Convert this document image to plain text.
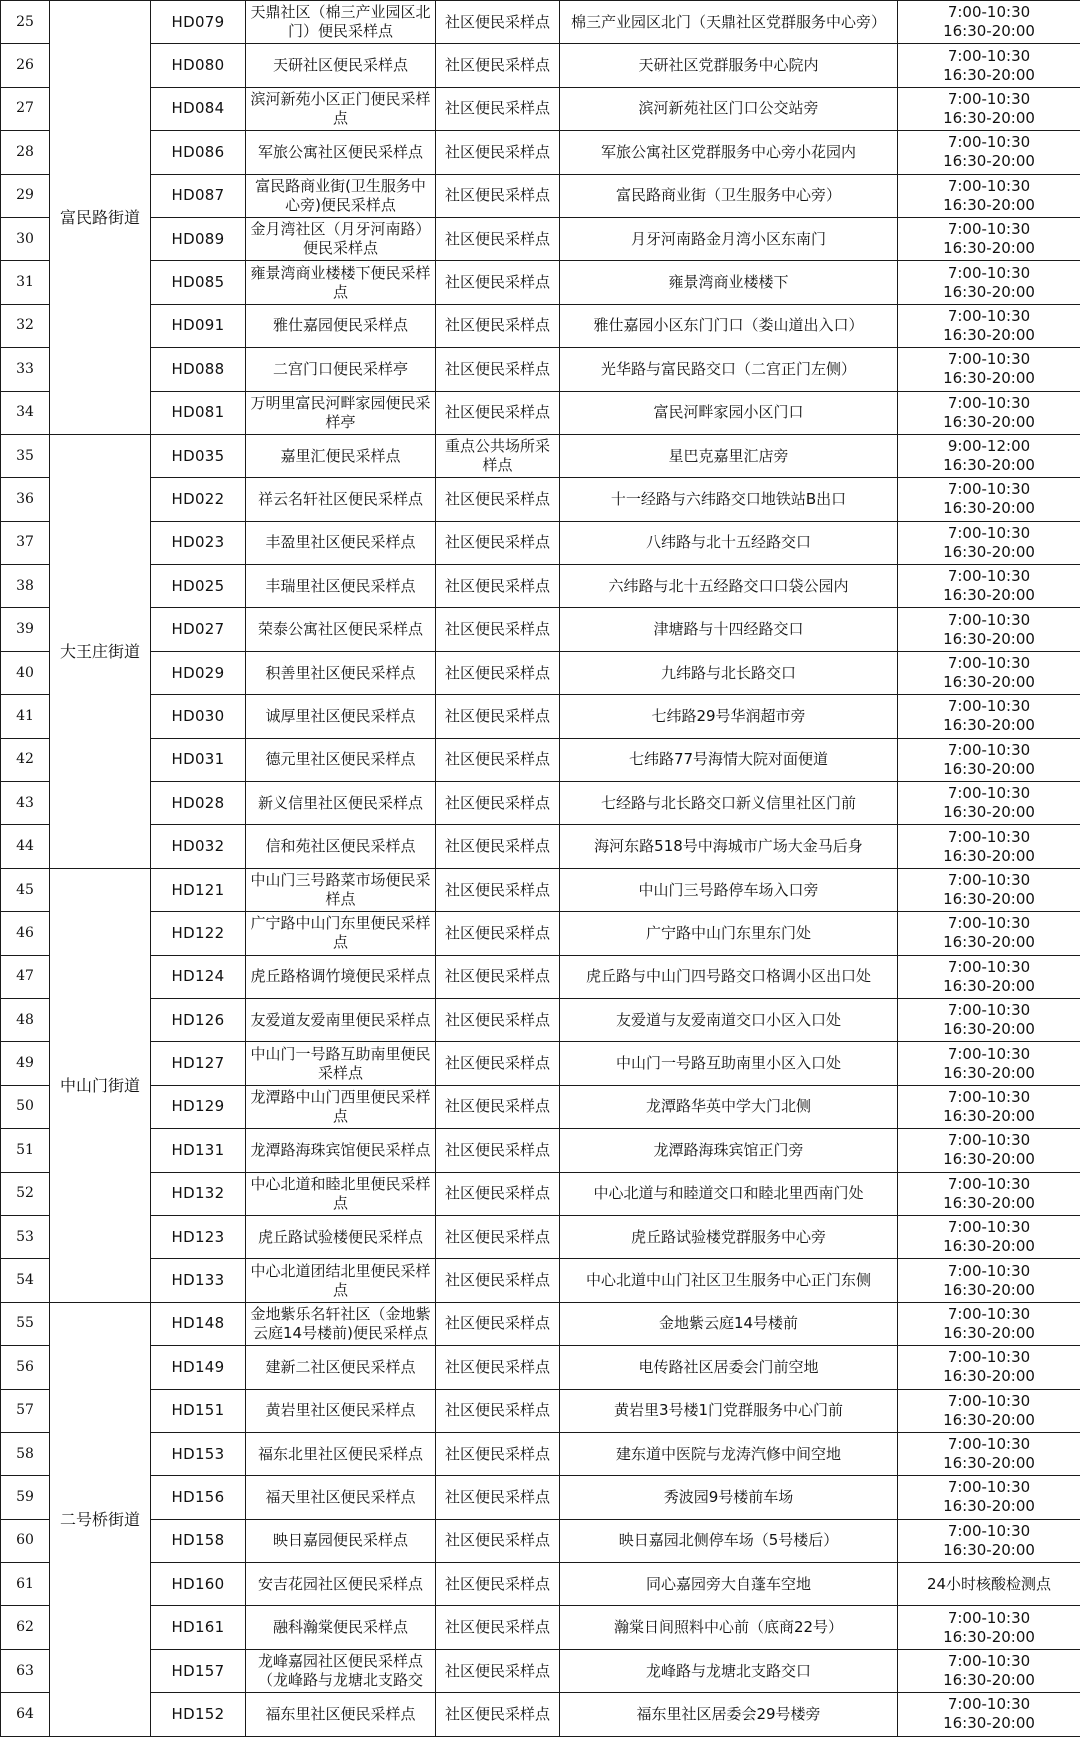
25	富民路街道	HD079	天鼎社区（棉三产业园区北门）便民采样点	社区便民采样点	棉三产业园区北门（天鼎社区党群服务中心旁）	7:00-10:30
16:30-20:00

26		HD080	天研社区便民采样点	社区便民采样点	天研社区党群服务中心院内	7:00-10:30
16:30-20:00

27		HD084	滨河新苑小区正门便民采样点	社区便民采样点	滨河新苑社区门口公交站旁	7:00-10:30
16:30-20:00

28		HD086	军旅公寓社区便民采样点	社区便民采样点	军旅公寓社区党群服务中心旁小花园内	7:00-10:30
16:30-20:00

29		HD087	富民路商业街(卫生服务中心旁)便民采样点	社区便民采样点	富民路商业街（卫生服务中心旁）	7:00-10:30
16:30-20:00

30		HD089	金月湾社区（月牙河南路）便民采样点	社区便民采样点	月牙河南路金月湾小区东南门	7:00-10:30
16:30-20:00

31		HD085	雍景湾商业楼楼下便民采样点	社区便民采样点	雍景湾商业楼楼下	7:00-10:30
16:30-20:00

32		HD091	雅仕嘉园便民采样点	社区便民采样点	雅仕嘉园小区东门门口（娄山道出入口）	7:00-10:30
16:30-20:00

33		HD088	二宫门口便民采样亭	社区便民采样点	光华路与富民路交口（二宫正门左侧）	7:00-10:30
16:30-20:00

34		HD081	万明里富民河畔家园便民采样亭	社区便民采样点	富民河畔家园小区门口	7:00-10:30
16:30-20:00

35	大王庄街道	HD035	嘉里汇便民采样点	重点公共场所采样点	星巴克嘉里汇店旁	9:00-12:00
16:30-20:00

36		HD022	祥云名轩社区便民采样点	社区便民采样点	十一经路与六纬路交口地铁站B出口	7:00-10:30
16:30-20:00

37		HD023	丰盈里社区便民采样点	社区便民采样点	八纬路与北十五经路交口	7:00-10:30
16:30-20:00

38		HD025	丰瑞里社区便民采样点	社区便民采样点	六纬路与北十五经路交口口袋公园内	7:00-10:30
16:30-20:00

39		HD027	荣泰公寓社区便民采样点	社区便民采样点	津塘路与十四经路交口	7:00-10:30
16:30-20:00

40		HD029	积善里社区便民采样点	社区便民采样点	九纬路与北长路交口	7:00-10:30
16:30-20:00

41		HD030	诚厚里社区便民采样点	社区便民采样点	七纬路29号华润超市旁	7:00-10:30
16:30-20:00

42		HD031	德元里社区便民采样点	社区便民采样点	七纬路77号海情大院对面便道	7:00-10:30
16:30-20:00

43		HD028	新义信里社区便民采样点	社区便民采样点	七经路与北长路交口新义信里社区门前	7:00-10:30
16:30-20:00

44		HD032	信和苑社区便民采样点	社区便民采样点	海河东路518号中海城市广场大金马后身	7:00-10:30
16:30-20:00

45	中山门街道	HD121	中山门三号路菜市场便民采样点	社区便民采样点	中山门三号路停车场入口旁	7:00-10:30
16:30-20:00

46		HD122	广宁路中山门东里便民采样点	社区便民采样点	广宁路中山门东里东门处	7:00-10:30
16:30-20:00

47		HD124	虎丘路格调竹境便民采样点	社区便民采样点	虎丘路与中山门四号路交口格调小区出口处	7:00-10:30
16:30-20:00

48		HD126	友爱道友爱南里便民采样点	社区便民采样点	友爱道与友爱南道交口小区入口处	7:00-10:30
16:30-20:00

49		HD127	中山门一号路互助南里便民采样点	社区便民采样点	中山门一号路互助南里小区入口处	7:00-10:30
16:30-20:00

50		HD129	龙潭路中山门西里便民采样点	社区便民采样点	龙潭路华英中学大门北侧	7:00-10:30
16:30-20:00

51		HD131	龙潭路海珠宾馆便民采样点	社区便民采样点	龙潭路海珠宾馆正门旁	7:00-10:30
16:30-20:00

52		HD132	中心北道和睦北里便民采样点	社区便民采样点	中心北道与和睦道交口和睦北里西南门处	7:00-10:30
16:30-20:00

53		HD123	虎丘路试验楼便民采样点	社区便民采样点	虎丘路试验楼党群服务中心旁	7:00-10:30
16:30-20:00

54		HD133	中心北道团结北里便民采样点	社区便民采样点	中心北道中山门社区卫生服务中心正门东侧	7:00-10:30
16:30-20:00

55	二号桥街道	HD148	金地紫乐名轩社区（金地紫云庭14号楼前)便民采样点	社区便民采样点	金地紫云庭14号楼前	7:00-10:30
16:30-20:00

56		HD149	建新二社区便民采样点	社区便民采样点	电传路社区居委会门前空地	7:00-10:30
16:30-20:00

57		HD151	黄岩里社区便民采样点	社区便民采样点	黄岩里3号楼1门党群服务中心门前	7:00-10:30
16:30-20:00

58		HD153	福东北里社区便民采样点	社区便民采样点	建东道中医院与龙涛汽修中间空地	7:00-10:30
16:30-20:00

59		HD156	福天里社区便民采样点	社区便民采样点	秀波园9号楼前车场	7:00-10:30
16:30-20:00

60		HD158	映日嘉园便民采样点	社区便民采样点	映日嘉园北侧停车场（5号楼后）	7:00-10:30
16:30-20:00

61		HD160	安吉花园社区便民采样点	社区便民采样点	同心嘉园旁大自蓬车空地	24小时核酸检测点

62		HD161	融科瀚棠便民采样点	社区便民采样点	瀚棠日间照料中心前（底商22号）	7:00-10:30
16:30-20:00

63		HD157	龙峰嘉园社区便民采样点（龙峰路与龙塘北支路交	社区便民采样点	龙峰路与龙塘北支路交口	7:00-10:30
16:30-20:00

64		HD152	福东里社区便民采样点	社区便民采样点	福东里社区居委会29号楼旁	7:00-10:30
16:30-20:00
